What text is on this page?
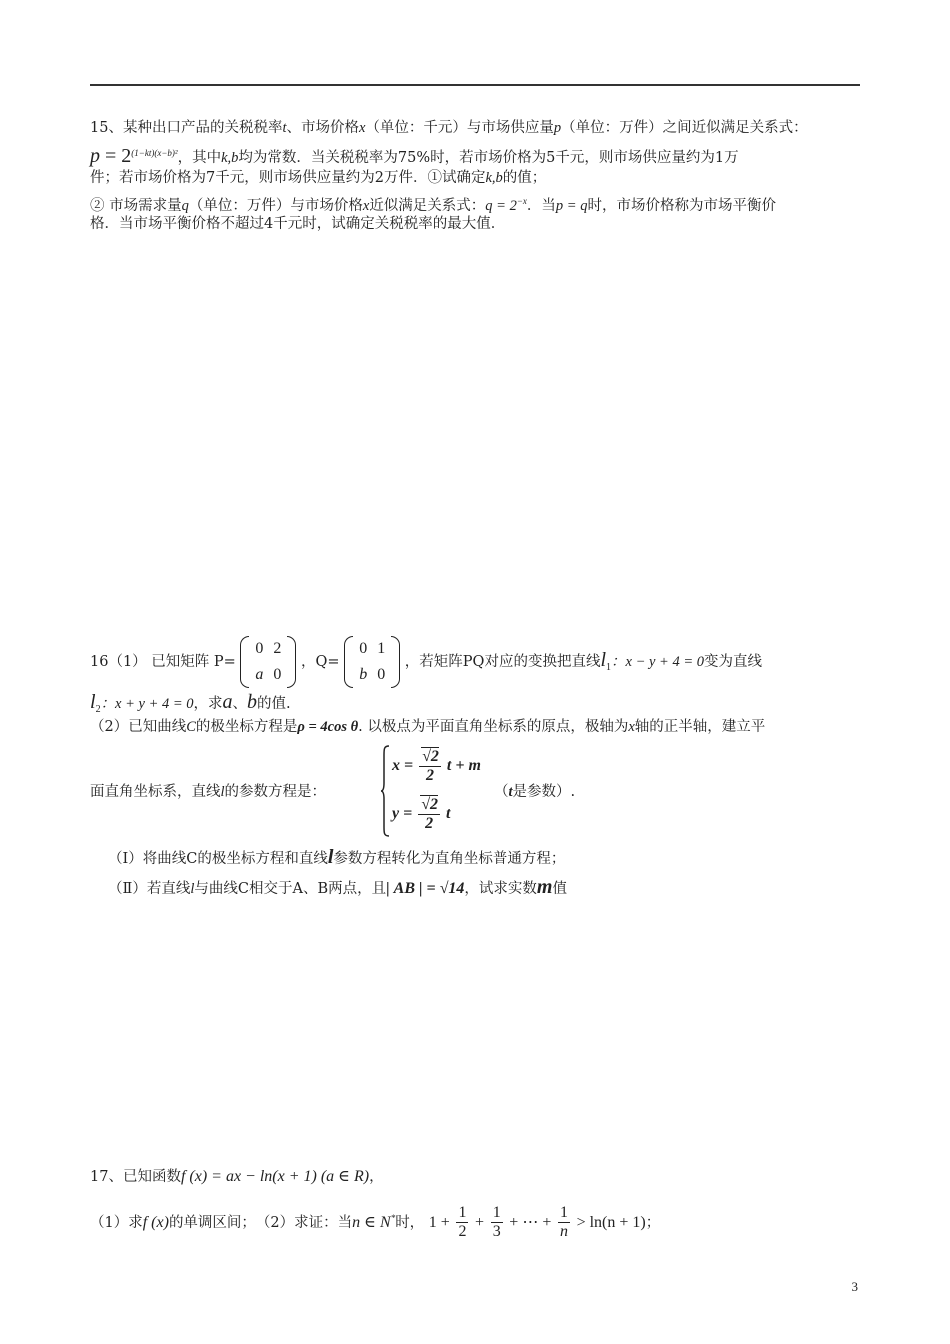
15、某种出口产品的关税税率t、市场价格x（单位：千元）与市场供应量p（单位：万件）之间近似满足关系式：
$p = 2^{(1-kt)(x-b)^2}$，其中k,b均为常数．当关税税率为75%时，若市场价格为5千元，则市场供应量约为1万
件；若市场价格为7千元，则市场供应量约为2万件．①试确定k,b的值；
② 市场需求量q（单位：万件）与市场价格x近似满足关系式：$q = 2^{-x}$．当p = q时，市场价格称为市场平衡价
格．当市场平衡价格不超过4千元时，试确定关税税率的最大值．
16（1） 已知矩阵 P=
0	2
a	0
，Q=
0	1
b	0
，若矩阵PQ对应的变换把直线$l_1$：x − y + 4 = 0变为直线
$l_2$：x + y + 4 = 0，求a、b的值.
（2）已知曲线C的极坐标方程是ρ = 4cos θ. 以极点为平面直角坐标系的原点，极轴为x轴的正半轴，建立平
$x = \frac{√2}{2}$ t + m
$y = \frac{√2}{2}$ t
面直角坐标系，直线l的参数方程是：	（t是参数）.
（Ⅰ）将曲线C的极坐标方程和直线l参数方程转化为直角坐标普通方程；
（Ⅱ）若直线l与曲线C相交于A、B两点，且| AB | = √14，试求实数m值
17、已知函数f (x) = ax − ln(x + 1) (a ∈ R)，
（1）求f (x)的单调区间；　（2）求证：当n ∈ N*时， $1 + \frac{1}{2} + \frac{1}{3}$ + ⋯ + $\frac{1}{n} > \ln(n + 1)$；
3
